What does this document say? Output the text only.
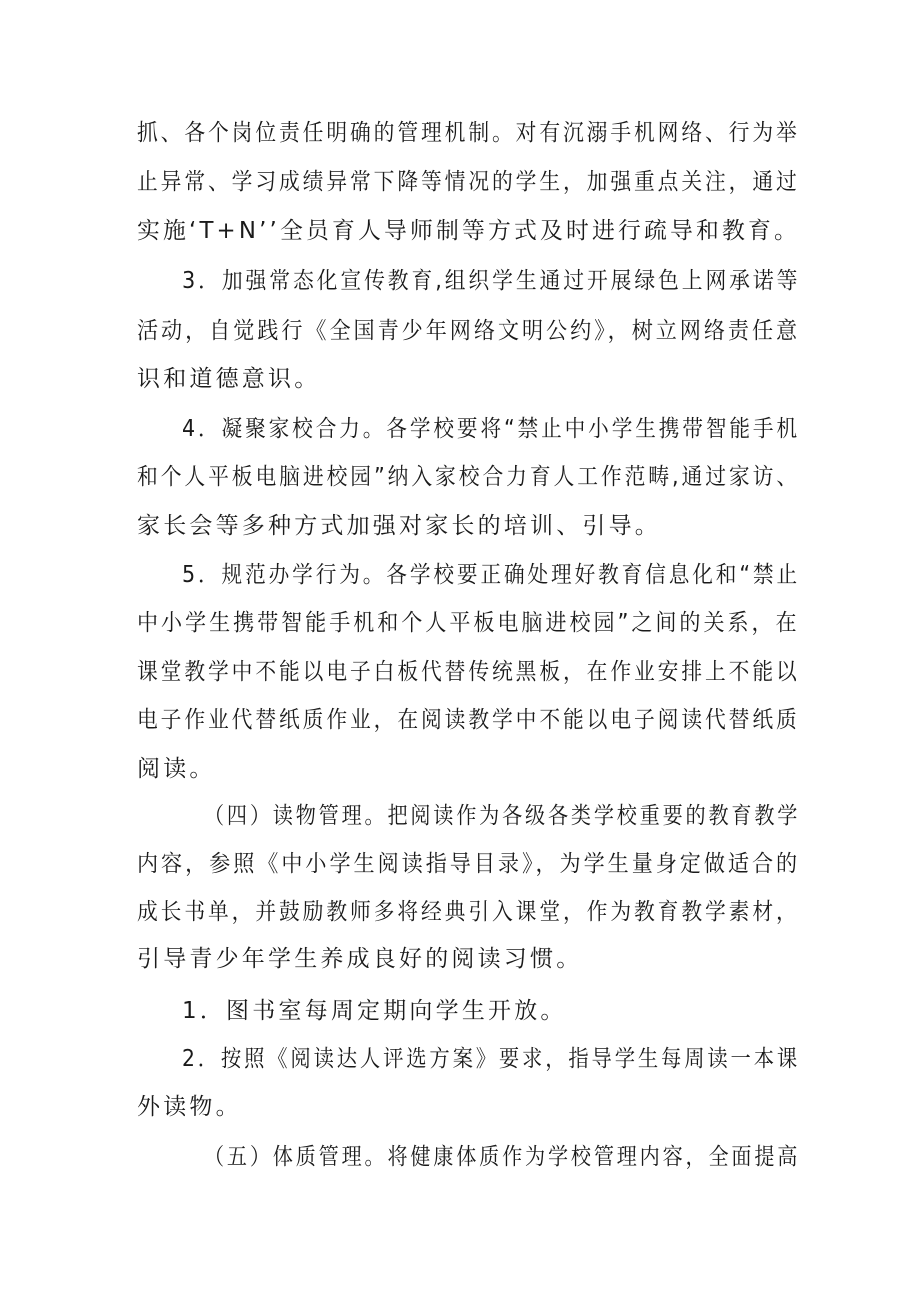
抓、各个岗位责任明确的管理机制。对有沉溺手机网络、行为举
止异常、学习成绩异常下降等情况的学生，加强重点关注，通过
实施‘T+N’’全员育人导师制等方式及时进行疏导和教育。
3．加强常态化宣传教育,组织学生通过开展绿色上网承诺等
活动，自觉践行《全国青少年网络文明公约》，树立网络责任意
识和道德意识。
4．凝聚家校合力。各学校要将“禁止中小学生携带智能手机
和个人平板电脑进校园”纳入家校合力育人工作范畴,通过家访、
家长会等多种方式加强对家长的培训、引导。
5．规范办学行为。各学校要正确处理好教育信息化和“禁止
中小学生携带智能手机和个人平板电脑进校园”之间的关系，在
课堂教学中不能以电子白板代替传统黑板，在作业安排上不能以
电子作业代替纸质作业，在阅读教学中不能以电子阅读代替纸质
阅读。
（四）读物管理。把阅读作为各级各类学校重要的教育教学
内容，参照《中小学生阅读指导目录》，为学生量身定做适合的
成长书单，并鼓励教师多将经典引入课堂，作为教育教学素材，
引导青少年学生养成良好的阅读习惯。
1．图书室每周定期向学生开放。
2．按照《阅读达人评选方案》要求，指导学生每周读一本课
外读物。
（五）体质管理。将健康体质作为学校管理内容，全面提高
